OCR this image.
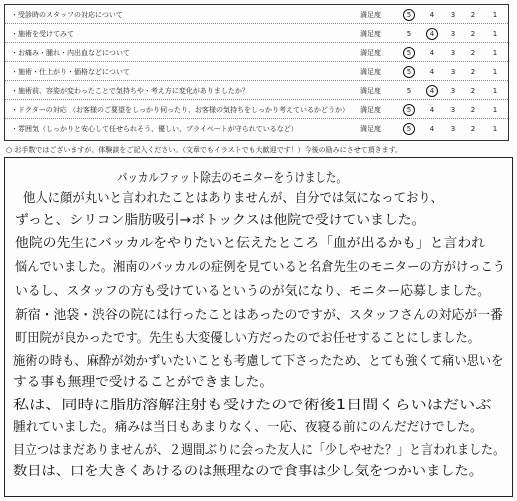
・受診時のスタッフの対応について	満足度	5	4	3	2	1
・施術を受けてみて	満足度	5	4	3	2	1
・お痛み・腫れ・内出血などについて	満足度	5	4	3	2	1
・施術・仕上がり・価格などについて	満足度	5	4	3	2	1
・施術前、容姿が変わったことで気持ちや・考え方に変化がありましたか？	満足度	5	4	3	2	1
・ドクターの対応 （お客様のご要望をしっかり伺ったり、お客様の気持ちをしっかり考えているかどうか） 満足度	5	4	3	2	1
・雰囲気（しっかりと安心して任せられそう、優しい、プライベートが守られているなど）	満足度	5	4	3	2	1
○ お手数ではございますが、体験談をご記入ください。（文章でもイラストでも大歓迎です！）今後の励みにさせて頂きます。
バッカルファット除去のモニターをうけました。
他人に顔が丸いと言われたことはありませんが、自分では気になっており、
ずっと、シリコン脂肪吸引→ボトックスは他院で受けていました。
他院の先生にバッカルをやりたいと伝えたところ「血が出るかも」と言われ
悩んでいました。湘南のバッカルの症例を見ていると名倉先生のモニターの方がけっこう
いるし、スタッフの方も受けているというのが気になり、モニター応募しました。
新宿・池袋・渋谷の院には行ったことはあったのですが、スタッフさんの対応が一番
町田院が良かったです。先生も大変優しい方だったのでお任せすることにしました。
施術の時も、麻酔が効かずいたいことも考慮して下さったため、とても強くて痛い思いを
する事も無理で受けることができました。
私は、同時に脂肪溶解注射も受けたので術後1日間くらいはだいぶ
腫れていました。痛みは当日もあまりなく、一応、夜寝る前にのんだだけでした。
目立つはまだありませんが、２週間ぶりに会った友人に「少しやせた？」と言われました。
数日は、口を大きくあけるのは無理なので食事は少し気をつかいました。
